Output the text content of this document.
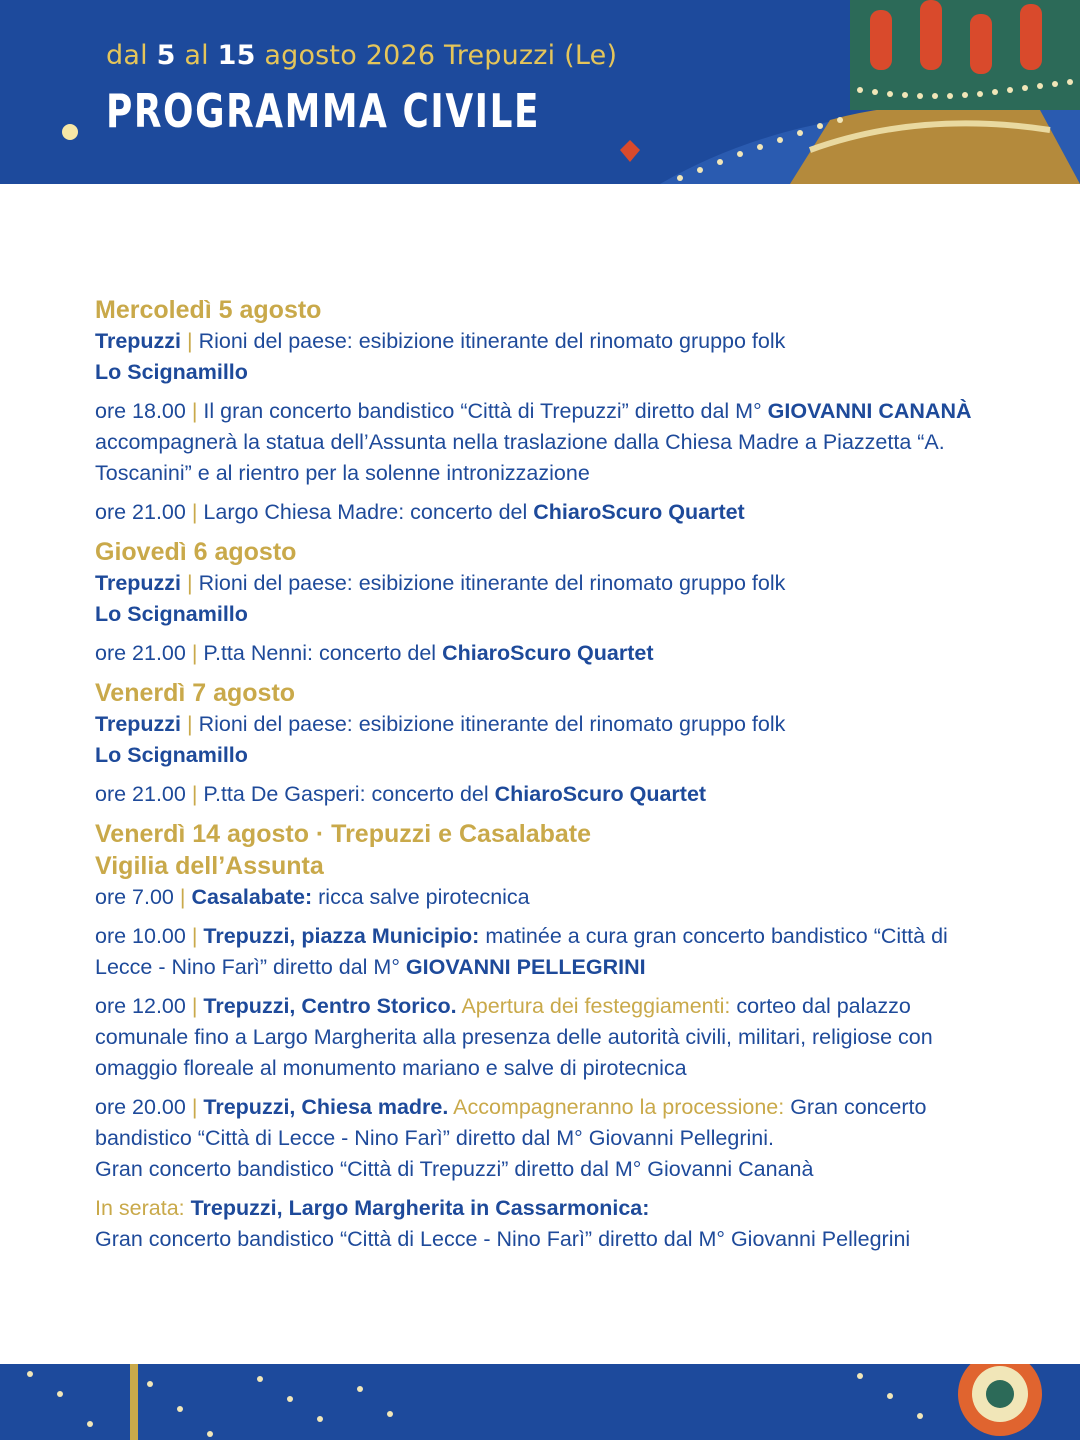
dal 5 al 15 agosto 2026 Trepuzzi (Le)
PROGRAMMA CIVILE
Mercoledì 5 agosto
Trepuzzi | Rioni del paese: esibizione itinerante del rinomato gruppo folk
Lo Scignamillo
ore 18.00 | Il gran concerto bandistico “Città di Trepuzzi” diretto dal M° GIOVANNI CANANÀ accompagnerà la statua dell’Assunta nella traslazione dalla Chiesa Madre a Piazzetta “A. Toscanini” e al rientro per la solenne intronizzazione
ore 21.00 | Largo Chiesa Madre: concerto del ChiaroScuro Quartet
Giovedì 6 agosto
Trepuzzi | Rioni del paese: esibizione itinerante del rinomato gruppo folk
Lo Scignamillo
ore 21.00 | P.tta Nenni: concerto del ChiaroScuro Quartet
Venerdì 7 agosto
Trepuzzi | Rioni del paese: esibizione itinerante del rinomato gruppo folk
Lo Scignamillo
ore 21.00 | P.tta De Gasperi: concerto del ChiaroScuro Quartet
Venerdì 14 agosto · Trepuzzi e Casalabate
Vigilia dell’Assunta
ore 7.00 | Casalabate: ricca salve pirotecnica
ore 10.00 | Trepuzzi, piazza Municipio: matinée a cura gran concerto bandistico “Città di Lecce - Nino Farì” diretto dal M° GIOVANNI PELLEGRINI
ore 12.00 | Trepuzzi, Centro Storico. Apertura dei festeggiamenti: corteo dal palazzo comunale fino a Largo Margherita alla presenza delle autorità civili, militari, religiose con omaggio floreale al monumento mariano e salve di pirotecnica
ore 20.00 | Trepuzzi, Chiesa madre. Accompagneranno la processione: Gran concerto bandistico “Città di Lecce - Nino Farì” diretto dal M° Giovanni Pellegrini.
Gran concerto bandistico “Città di Trepuzzi” diretto dal M° Giovanni Cananà
In serata: Trepuzzi, Largo Margherita in Cassarmonica:
Gran concerto bandistico “Città di Lecce - Nino Farì” diretto dal M° Giovanni Pellegrini
